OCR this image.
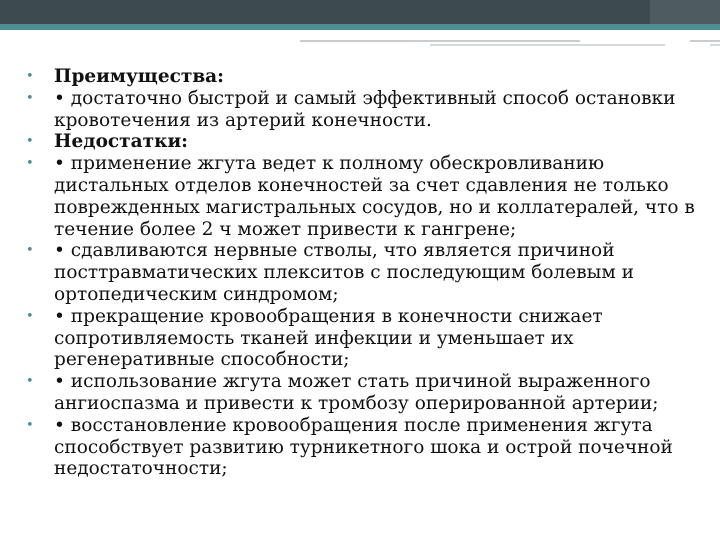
• Преимущества:
• • достаточно быстрой и самый эффективный способ остановки кровотечения из артерий конечности.
• Недостатки:
• • применение жгута ведет к полному обескровливанию дистальных отделов конечностей за счет сдавления не только поврежденных магистральных сосудов, но и коллатералей, что в течение более 2 ч может привести к гангрене;
• • сдавливаются нервные стволы, что является причиной посттравматических плекситов с последующим болевым и ортопедическим синдромом;
• • прекращение кровообращения в конечности снижает сопротивляемость тканей инфекции и уменьшает их регенеративные способности;
• • использование жгута может стать причиной выраженного ангиоспазма и привести к тромбозу оперированной артерии;
• • восстановление кровообращения после применения жгута способствует развитию турникетного шока и острой почечной недостаточности;
